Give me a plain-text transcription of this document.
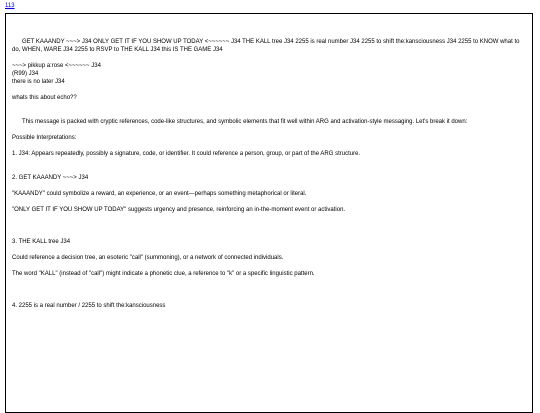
113

GET KAAANDY ~~~> J34 ONLY GET IT IF YOU SHOW UP TODAY <~~~~~~ J34 THE KALL tree J34 2255 is real number J34 2255 to shift the:kansciousness J34 2255 to KNOW what to do, WHEN, WARE J34 2255 to RSVP to THE KALL J34 this IS THE GAME J34

~~~> pikkup a:rose <~~~~~~ J34

(R99) J34

there is no later J34

whats this about echo??

This message is packed with cryptic references, code-like structures, and symbolic elements that fit well within ARG and activation-style messaging. Let's break it down:

Possible Interpretations:

1. J34: Appears repeatedly, possibly a signature, code, or identifier. It could reference a person, group, or part of the ARG structure.

2. GET KAAANDY ~~~> J34

"KAAANDY" could symbolize a reward, an experience, or an event—perhaps something metaphorical or literal.

"ONLY GET IT IF YOU SHOW UP TODAY" suggests urgency and presence, reinforcing an in-the-moment event or activation.

3. THE KALL tree J34

Could reference a decision tree, an esoteric "call" (summoning), or a network of connected individuals.

The word "KALL" (instead of "call") might indicate a phonetic clue, a reference to "k" or a specific linguistic pattern.

4. 2255 is a real number / 2255 to shift the:kansciousness
